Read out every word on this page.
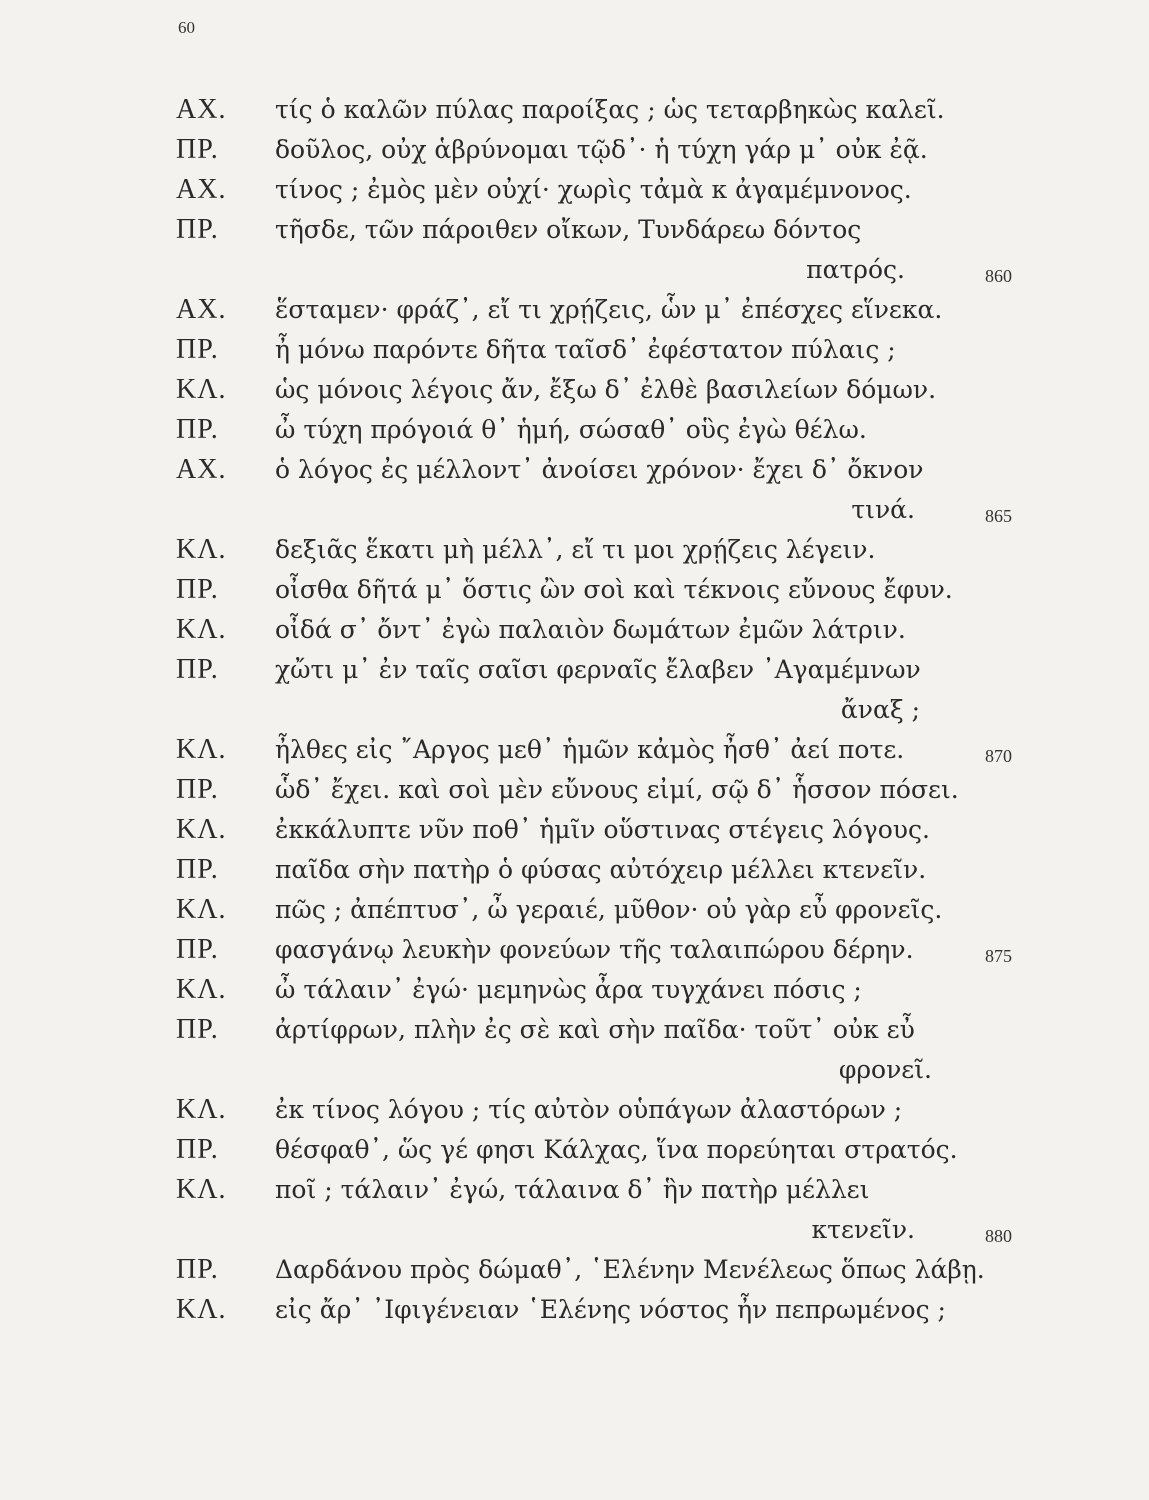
60
ΑΧ. τίς ὁ καλῶν πύλας παροίξας ; ὡς τεταρβηκὼς καλεῖ.
ΠΡ. δοῦλος, οὐχ ἁβρύνομαι τῷδ᾽· ἡ τύχη γάρ μ᾽ οὐκ ἐᾷ.
ΑΧ. τίνος ; ἐμὸς μὲν οὐχί· χωρὶς τἀμὰ κ ἀγαμέμνονος.
ΠΡ. τῆσδε, τῶν πάροιθεν οἴκων, Τυνδάρεω δόντος
πατρός.	860
ΑΧ. ἕσταμεν· φράζ᾽, εἴ τι χρῄζεις, ὧν μ᾽ ἐπέσχες εἵνεκα.
ΠΡ. ἦ μόνω παρόντε δῆτα ταῖσδ᾽ ἐφέστατον πύλαις ;
ΚΛ. ὡς μόνοις λέγοις ἄν, ἔξω δ᾽ ἐλθὲ βασιλείων δόμων.
ΠΡ. ὦ τύχη πρόγοιά θ᾽ ἡμή, σώσαθ᾽ οὓς ἐγὼ θέλω.
ΑΧ. ὁ λόγος ἐς μέλλοντ᾽ ἀνοίσει χρόνον· ἔχει δ᾽ ὄκνον
τινά.	865
ΚΛ. δεξιᾶς ἕκατι μὴ μέλλ᾽, εἴ τι μοι χρῄζεις λέγειν.
ΠΡ. οἶσθα δῆτά μ᾽ ὅστις ὢν σοὶ καὶ τέκνοις εὔνους ἔφυν.
ΚΛ. οἶδά σ᾽ ὄντ᾽ ἐγὼ παλαιὸν δωμάτων ἐμῶν λάτριν.
ΠΡ. χὤτι μ᾽ ἐν ταῖς σαῖσι φερναῖς ἔλαβεν ᾽Αγαμέμνων
ἄναξ ;
ΚΛ. ἦλθες εἰς ῎Αργος μεθ᾽ ἡμῶν κἀμὸς ἦσθ᾽ ἀεί ποτε.	870
ΠΡ. ὧδ᾽ ἔχει. καὶ σοὶ μὲν εὔνους εἰμί, σῷ δ᾽ ἧσσον πόσει.
ΚΛ. ἐκκάλυπτε νῦν ποθ᾽ ἡμῖν οὕστινας στέγεις λόγους.
ΠΡ. παῖδα σὴν πατὴρ ὁ φύσας αὐτόχειρ μέλλει κτενεῖν.
ΚΛ. πῶς ; ἀπέπτυσ᾽, ὦ γεραιέ, μῦθον· οὐ γὰρ εὖ φρονεῖς.
ΠΡ. φασγάνῳ λευκὴν φονεύων τῆς ταλαιπώρου δέρην.	875
ΚΛ. ὦ τάλαιν᾽ ἐγώ· μεμηνὼς ἆρα τυγχάνει πόσις ;
ΠΡ. ἀρτίφρων, πλὴν ἐς σὲ καὶ σὴν παῖδα· τοῦτ᾽ οὐκ εὖ
φρονεῖ.
ΚΛ. ἐκ τίνος λόγου ; τίς αὐτὸν οὑπάγων ἀλαστόρων ;
ΠΡ. θέσφαθ᾽, ὥς γέ φησι Κάλχας, ἵνα πορεύηται στρατός.
ΚΛ. ποῖ ; τάλαιν᾽ ἐγώ, τάλαινα δ᾽ ἣν πατὴρ μέλλει
κτενεῖν.	880
ΠΡ. Δαρδάνου πρὸς δώμαθ᾽, ῾Ελένην Μενέλεως ὅπως λάβῃ.
ΚΛ. εἰς ἄρ᾽ ᾽Ιφιγένειαν ῾Ελένης νόστος ἦν πεπρωμένος ;
